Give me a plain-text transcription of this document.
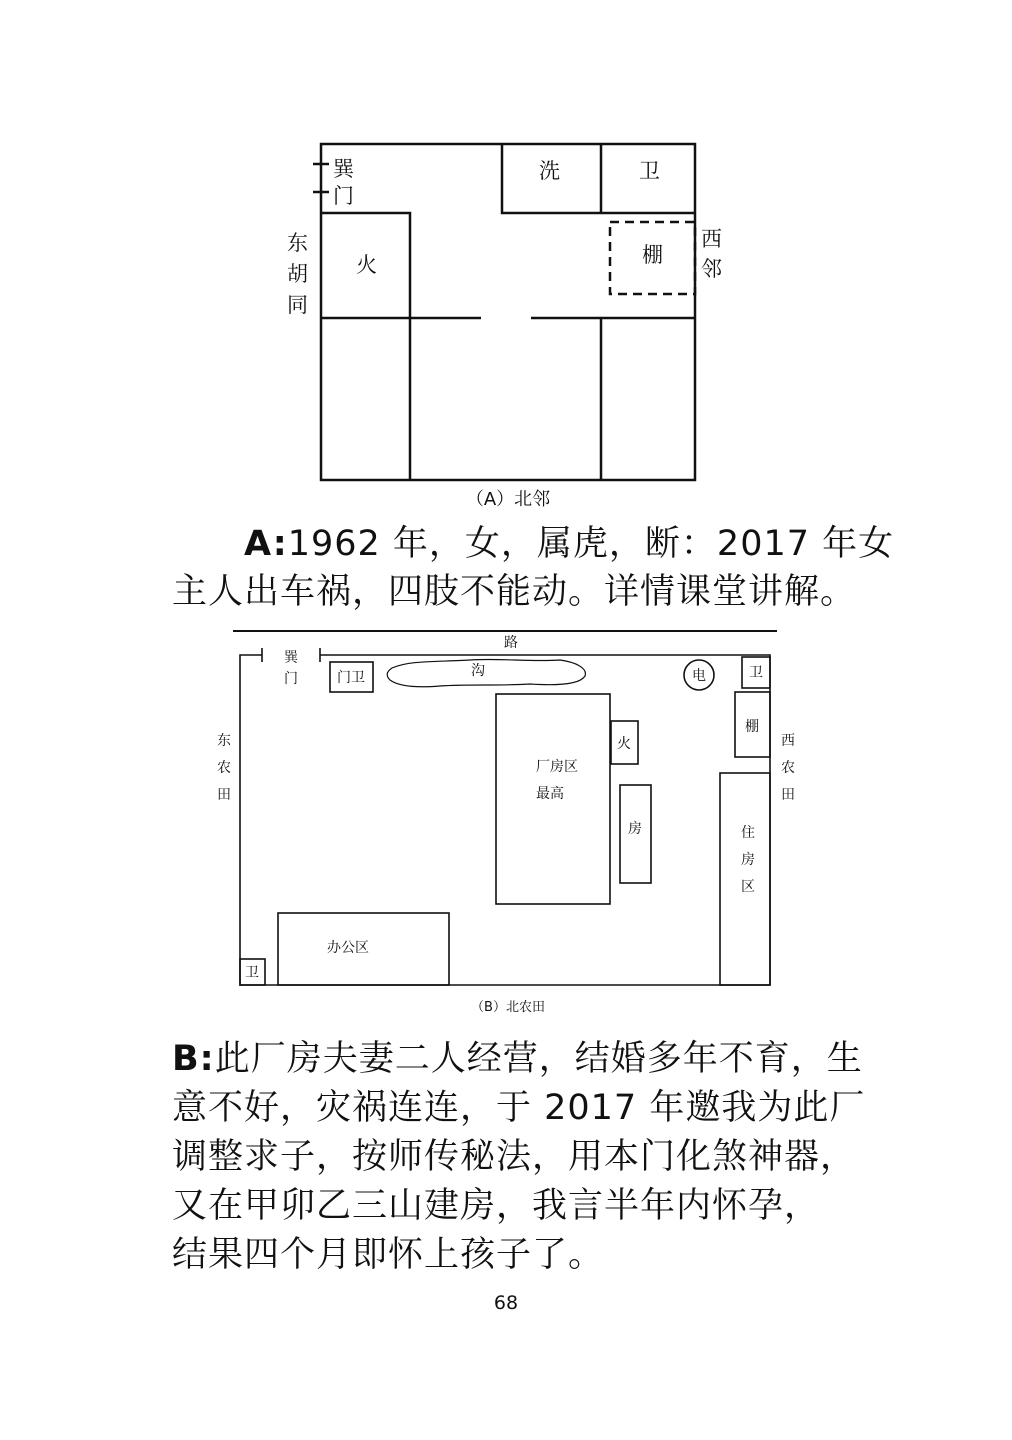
巽
门
洗	卫
火	棚
东
胡
同
西
邻
（A）北邻
路
巽
门	门卫	沟	电	卫
棚
厂房区
最高
火
房	住
房
区
办公区
卫
东
农
田
西
农
田
（B）北农田
A:1962 年，女，属虎，断：2017 年女
主人出车祸，四肢不能动。详情课堂讲解。
B:此厂房夫妻二人经营，结婚多年不育，生
意不好，灾祸连连，于 2017 年邀我为此厂
调整求子，按师传秘法，用本门化煞神器，
又在甲卯乙三山建房，我言半年内怀孕，
结果四个月即怀上孩子了。
68
